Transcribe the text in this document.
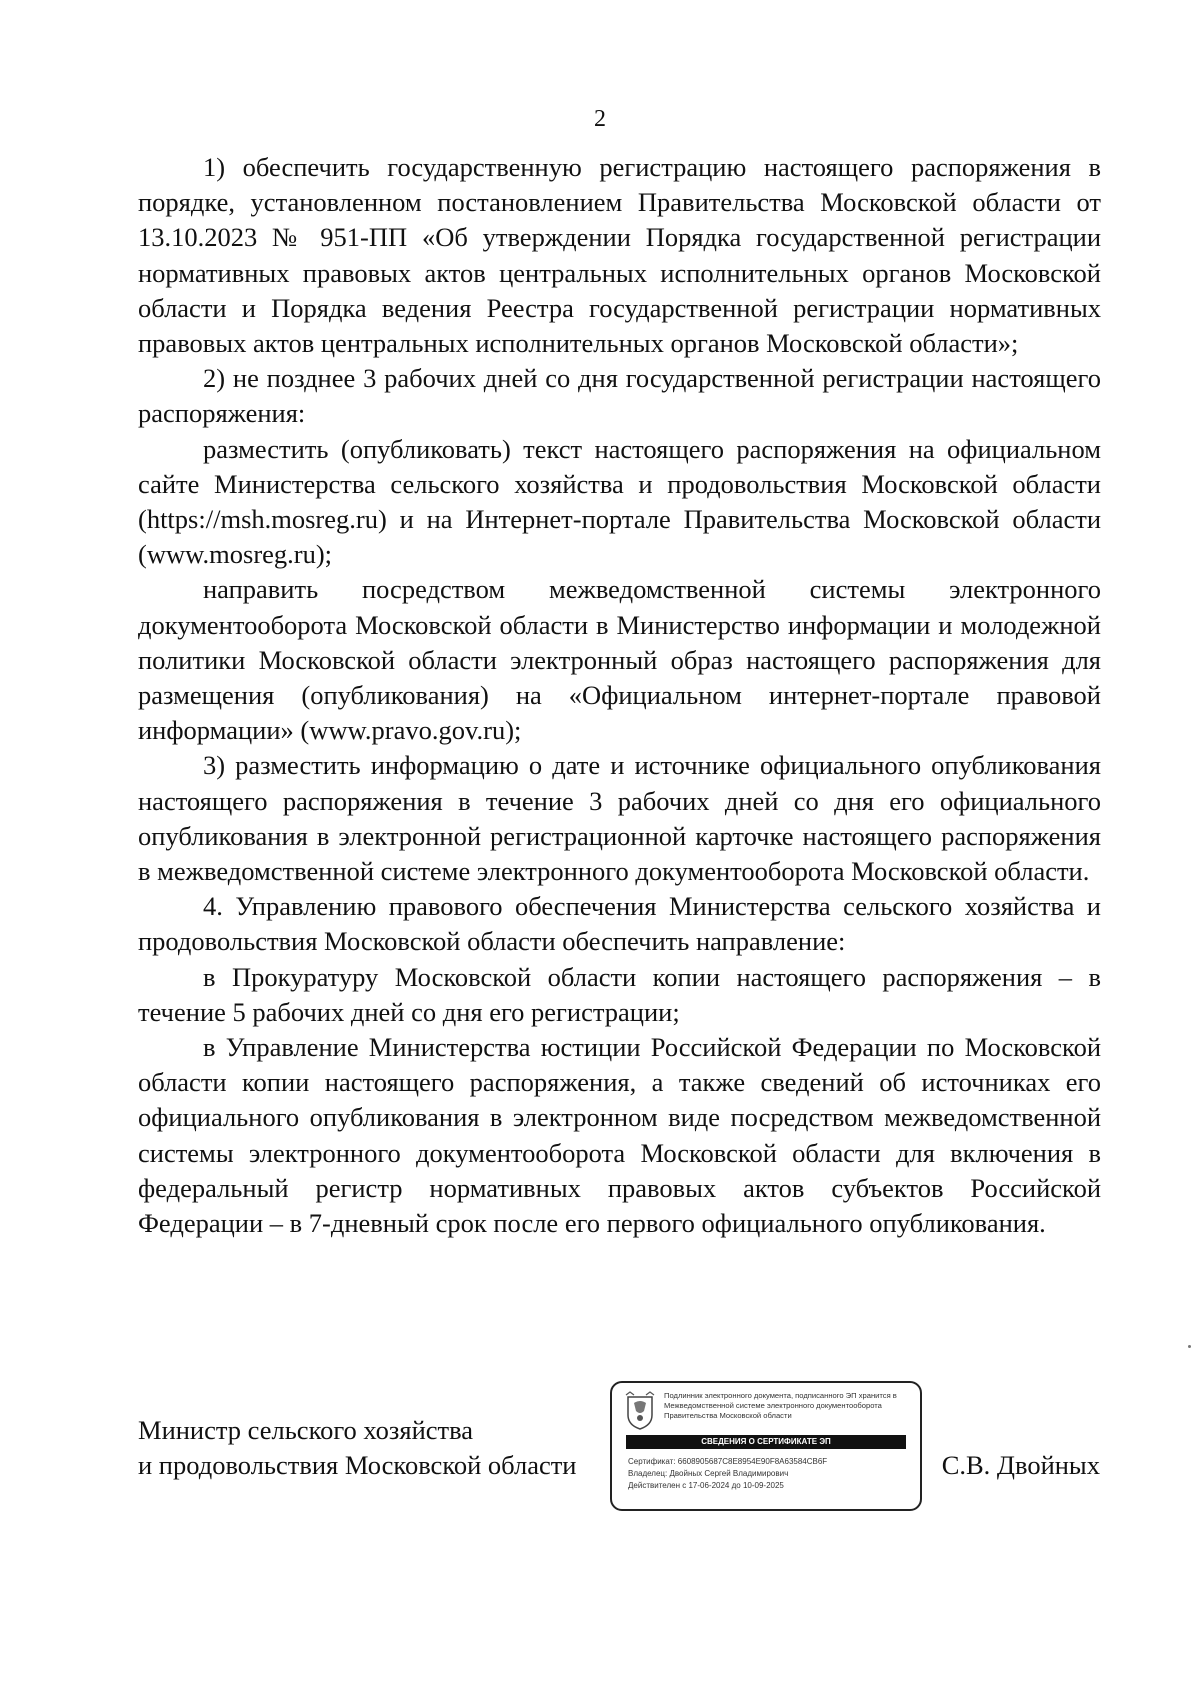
2

1) обеспечить государственную регистрацию настоящего распоряжения в порядке, установленном постановлением Правительства Московской области от 13.10.2023 № 951-ПП «Об утверждении Порядка государственной регистрации нормативных правовых актов центральных исполнительных органов Московской области и Порядка ведения Реестра государственной регистрации нормативных правовых актов центральных исполнительных органов Московской области»;

2) не позднее 3 рабочих дней со дня государственной регистрации настоящего распоряжения:

разместить (опубликовать) текст настоящего распоряжения на официальном сайте Министерства сельского хозяйства и продовольствия Московской области (https://msh.mosreg.ru) и на Интернет-портале Правительства Московской области (www.mosreg.ru);

направить посредством межведомственной системы электронного документооборота Московской области в Министерство информации и молодежной политики Московской области электронный образ настоящего распоряжения для размещения (опубликования) на «Официальном интернет-портале правовой информации» (www.pravo.gov.ru);

3) разместить информацию о дате и источнике официального опубликования настоящего распоряжения в течение 3 рабочих дней со дня его официального опубликования в электронной регистрационной карточке настоящего распоряжения в межведомственной системе электронного документооборота Московской области.

4. Управлению правового обеспечения Министерства сельского хозяйства и продовольствия Московской области обеспечить направление:

в Прокуратуру Московской области копии настоящего распоряжения – в течение 5 рабочих дней со дня его регистрации;

в Управление Министерства юстиции Российской Федерации по Московской области копии настоящего распоряжения, а также сведений об источниках его официального опубликования в электронном виде посредством межведомственной системы электронного документооборота Московской области для включения в федеральный регистр нормативных правовых актов субъектов Российской Федерации – в 7-дневный срок после его первого официального опубликования.

Министр сельского хозяйства
и продовольствия Московской области
Подлинник электронного документа, подписанного ЭП хранится в Межведомственной системе электронного документооборота Правительства Московской области
СВЕДЕНИЯ О СЕРТИФИКАТЕ ЭП
Сертификат: 6608905687C8E8954E90F8A63584CB6F
Владелец: Двойных Сергей Владимирович
Действителен с 17-06-2024 до 10-09-2025
С.В. Двойных
